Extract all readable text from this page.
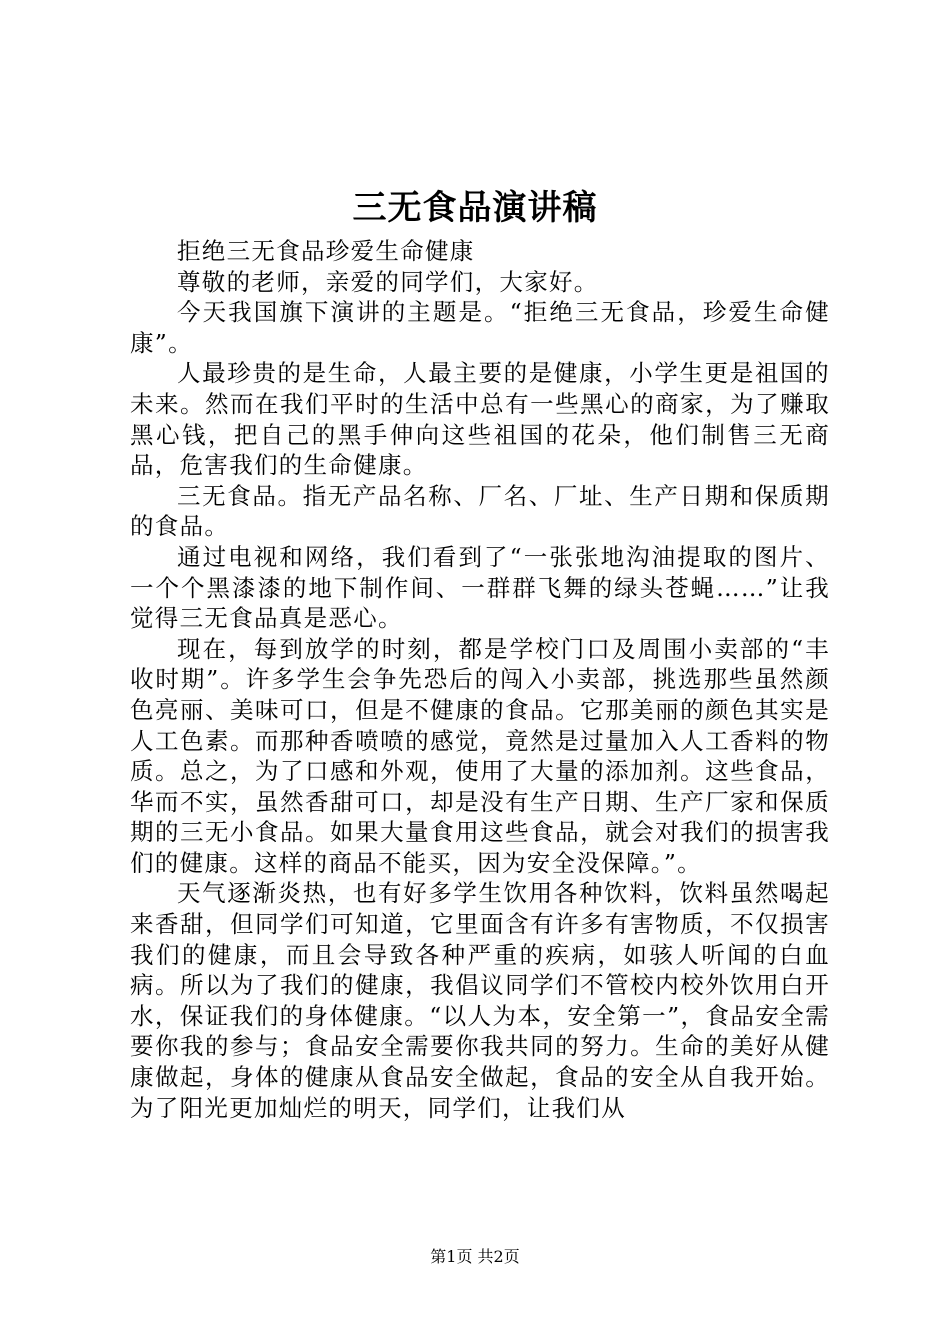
三无食品演讲稿

拒绝三无食品珍爱生命健康

尊敬的老师，亲爱的同学们，大家好。

今天我国旗下演讲的主题是。“拒绝三无食品，珍爱生命健康”。

人最珍贵的是生命，人最主要的是健康，小学生更是祖国的未来。然而在我们平时的生活中总有一些黑心的商家，为了赚取黑心钱，把自己的黑手伸向这些祖国的花朵，他们制售三无商品，危害我们的生命健康。

三无食品。指无产品名称、厂名、厂址、生产日期和保质期的食品。

通过电视和网络，我们看到了“一张张地沟油提取的图片、一个个黑漆漆的地下制作间、一群群飞舞的绿头苍蝇……”让我觉得三无食品真是恶心。

现在，每到放学的时刻，都是学校门口及周围小卖部的“丰收时期”。许多学生会争先恐后的闯入小卖部，挑选那些虽然颜色亮丽、美味可口，但是不健康的食品。它那美丽的颜色其实是人工色素。而那种香喷喷的感觉，竟然是过量加入人工香料的物质。总之，为了口感和外观，使用了大量的添加剂。这些食品，华而不实，虽然香甜可口，却是没有生产日期、生产厂家和保质期的三无小食品。如果大量食用这些食品，就会对我们的损害我们的健康。这样的商品不能买，因为安全没保障。”。

天气逐渐炎热，也有好多学生饮用各种饮料，饮料虽然喝起来香甜，但同学们可知道，它里面含有许多有害物质，不仅损害我们的健康，而且会导致各种严重的疾病，如骇人听闻的白血病。所以为了我们的健康，我倡议同学们不管校内校外饮用白开水，保证我们的身体健康。“以人为本，安全第一”，食品安全需要你我的参与；食品安全需要你我共同的努力。生命的美好从健康做起，身体的健康从食品安全做起，食品的安全从自我开始。为了阳光更加灿烂的明天，同学们，让我们从

第1页 共2页
